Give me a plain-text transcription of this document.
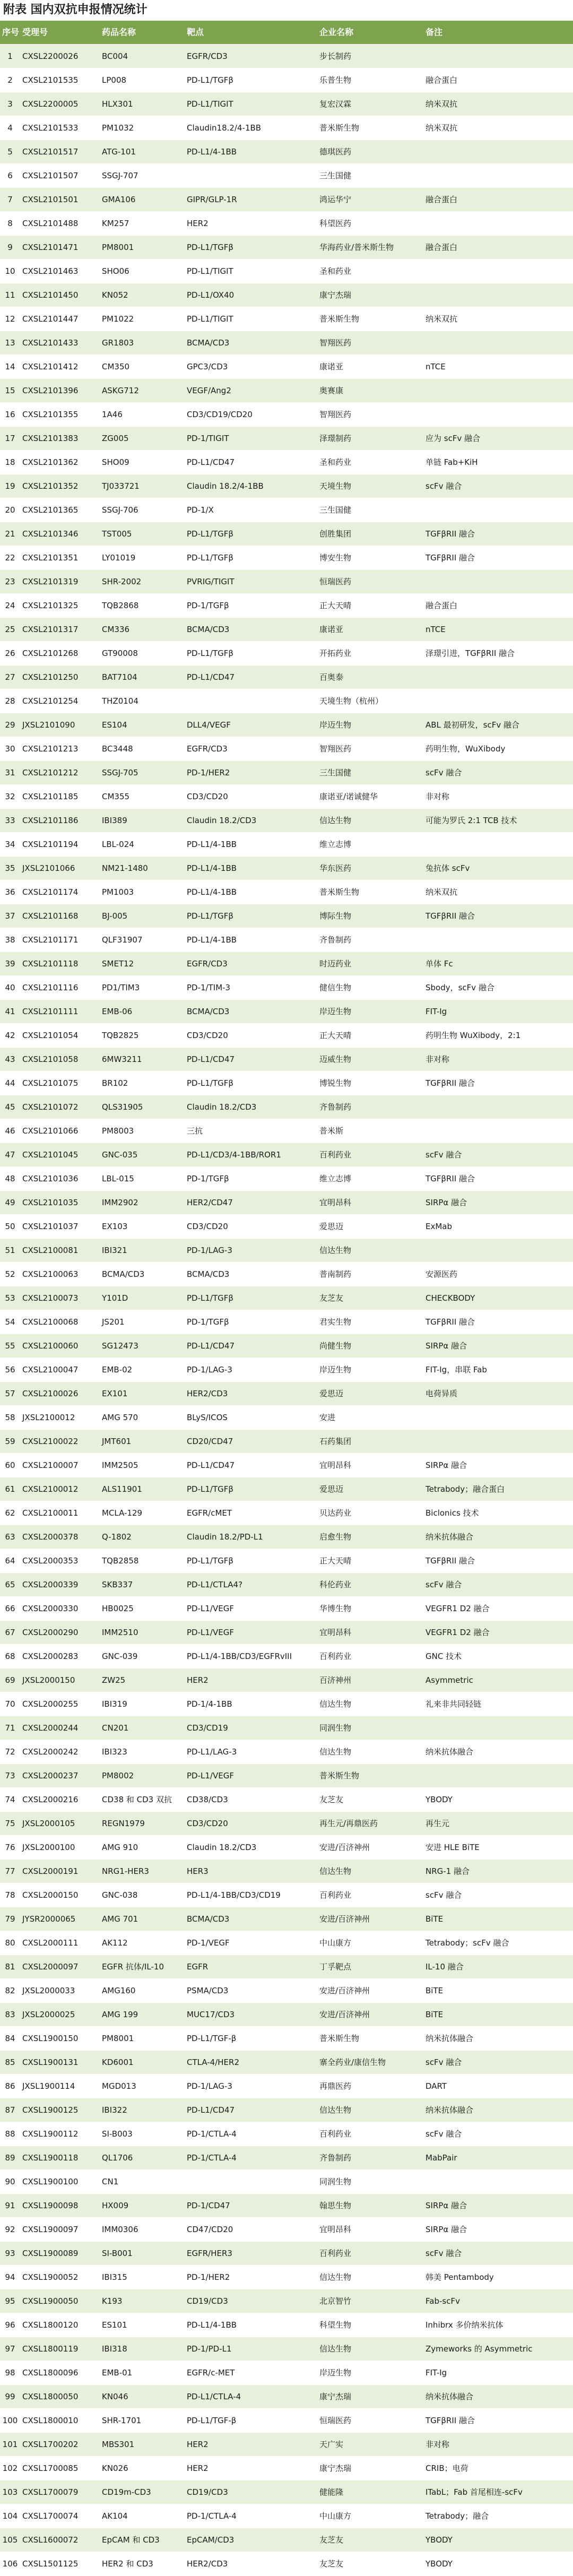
附表 国内双抗申报情况统计
序号	受理号	药品名称	靶点	企业名称	备注
1	CXSL2200026	BC004	EGFR/CD3	步长制药	
2	CXSL2101535	LP008	PD-L1/TGFβ	乐普生物	融合蛋白
3	CXSL2200005	HLX301	PD-L1/TIGIT	复宏汉霖	纳米双抗
4	CXSL2101533	PM1032	Claudin18.2/4-1BB	普米斯生物	纳米双抗
5	CXSL2101517	ATG-101	PD-L1/4-1BB	德琪医药	
6	CXSL2101507	SSGJ-707		三生国健	
7	CXSL2101501	GMA106	GIPR/GLP-1R	鸿运华宁	融合蛋白
8	CXSL2101488	KM257	HER2	科望医药	
9	CXSL2101471	PM8001	PD-L1/TGFβ	华海药业/普米斯生物	融合蛋白
10	CXSL2101463	SHO06	PD-L1/TIGIT	圣和药业	
11	CXSL2101450	KN052	PD-L1/OX40	康宁杰瑞	
12	CXSL2101447	PM1022	PD-L1/TIGIT	普米斯生物	纳米双抗
13	CXSL2101433	GR1803	BCMA/CD3	智翔医药	
14	CXSL2101412	CM350	GPC3/CD3	康诺亚	nTCE
15	CXSL2101396	ASKG712	VEGF/Ang2	奥赛康	
16	CXSL2101355	1A46	CD3/CD19/CD20	智翔医药	
17	CXSL2101383	ZG005	PD-1/TIGIT	泽璟制药	应为 scFv 融合
18	CXSL2101362	SHO09	PD-L1/CD47	圣和药业	单链 Fab+KiH
19	CXSL2101352	TJ033721	Claudin 18.2/4-1BB	天境生物	scFv 融合
20	CXSL2101365	SSGJ-706	PD-1/X	三生国健	
21	CXSL2101346	TST005	PD-L1/TGFβ	创胜集团	TGFβRII 融合
22	CXSL2101351	LY01019	PD-L1/TGFβ	博安生物	TGFβRII 融合
23	CXSL2101319	SHR-2002	PVRIG/TIGIT	恒瑞医药	
24	CXSL2101325	TQB2868	PD-1/TGFβ	正大天晴	融合蛋白
25	CXSL2101317	CM336	BCMA/CD3	康诺亚	nTCE
26	CXSL2101268	GT90008	PD-L1/TGFβ	开拓药业	泽璟引进，TGFβRII 融合
27	CXSL2101250	BAT7104	PD-L1/CD47	百奥泰	
28	CXSL2101254	THZ0104		天境生物（杭州）	
29	JXSL2101090	ES104	DLL4/VEGF	岸迈生物	ABL 最初研发，scFv 融合
30	CXSL2101213	BC3448	EGFR/CD3	智翔医药	药明生物，WuXibody
31	CXSL2101212	SSGJ-705	PD-1/HER2	三生国健	scFv 融合
32	CXSL2101185	CM355	CD3/CD20	康诺亚/诺诚健华	非对称
33	CXSL2101186	IBI389	Claudin 18.2/CD3	信达生物	可能为罗氏 2:1 TCB 技术
34	CXSL2101194	LBL-024	PD-L1/4-1BB	维立志博	
35	JXSL2101066	NM21-1480	PD-L1/4-1BB	华东医药	兔抗体 scFv
36	CXSL2101174	PM1003	PD-L1/4-1BB	普米斯生物	纳米双抗
37	CXSL2101168	BJ-005	PD-L1/TGFβ	博际生物	TGFβRII 融合
38	CXSL2101171	QLF31907	PD-L1/4-1BB	齐鲁制药	
39	CXSL2101118	SMET12	EGFR/CD3	时迈药业	单体 Fc
40	CXSL2101116	PD1/TIM3	PD-1/TIM-3	健信生物	Sbody，scFv 融合
41	CXSL2101111	EMB-06	BCMA/CD3	岸迈生物	FIT-Ig
42	CXSL2101054	TQB2825	CD3/CD20	正大天晴	药明生物 WuXibody，2:1
43	CXSL2101058	6MW3211	PD-L1/CD47	迈威生物	非对称
44	CXSL2101075	BR102	PD-L1/TGFβ	博锐生物	TGFβRII 融合
45	CXSL2101072	QLS31905	Claudin 18.2/CD3	齐鲁制药	
46	CXSL2101066	PM8003	三抗	普米斯	
47	CXSL2101045	GNC-035	PD-L1/CD3/4-1BB/ROR1	百利药业	scFv 融合
48	CXSL2101036	LBL-015	PD-1/TGFβ	维立志博	TGFβRII 融合
49	CXSL2101035	IMM2902	HER2/CD47	宜明昂科	SIRPα 融合
50	CXSL2101037	EX103	CD3/CD20	爱思迈	ExMab
51	CXSL2100081	IBI321	PD-1/LAG-3	信达生物	
52	CXSL2100063	BCMA/CD3	BCMA/CD3	普南制药	安源医药
53	CXSL2100073	Y101D	PD-L1/TGFβ	友芝友	CHECKBODY
54	CXSL2100068	JS201	PD-1/TGFβ	君实生物	TGFβRII 融合
55	CXSL2100060	SG12473	PD-L1/CD47	尚健生物	SIRPα 融合
56	CXSL2100047	EMB-02	PD-1/LAG-3	岸迈生物	FIT-Ig，串联 Fab
57	CXSL2100026	EX101	HER2/CD3	爱思迈	电荷异质
58	JXSL2100012	AMG 570	BLyS/ICOS	安进	
59	CXSL2100022	JMT601	CD20/CD47	石药集团	
60	CXSL2100007	IMM2505	PD-L1/CD47	宜明昂科	SIRPα 融合
61	CXSL2100012	ALS11901	PD-L1/TGFβ	爱思迈	Tetrabody；融合蛋白
62	CXSL2100011	MCLA-129	EGFR/cMET	贝达药业	Biclonics 技术
63	CXSL2000378	Q-1802	Claudin 18.2/PD-L1	启愈生物	纳米抗体融合
64	CXSL2000353	TQB2858	PD-L1/TGFβ	正大天晴	TGFβRII 融合
65	CXSL2000339	SKB337	PD-L1/CTLA4?	科伦药业	scFv 融合
66	CXSL2000330	HB0025	PD-L1/VEGF	华博生物	VEGFR1 D2 融合
67	CXSL2000290	IMM2510	PD-L1/VEGF	宜明昂科	VEGFR1 D2 融合
68	CXSL2000283	GNC-039	PD-L1/4-1BB/CD3/EGFRvIII	百利药业	GNC 技术
69	JXSL2000150	ZW25	HER2	百济神州	Asymmetric
70	CXSL2000255	IBI319	PD-1/4-1BB	信达生物	礼来非共同轻链
71	CXSL2000244	CN201	CD3/CD19	同润生物	
72	CXSL2000242	IBI323	PD-L1/LAG-3	信达生物	纳米抗体融合
73	CXSL2000237	PM8002	PD-L1/VEGF	普米斯生物	
74	CXSL2000216	CD38 和 CD3 双抗	CD38/CD3	友芝友	YBODY
75	JXSL2000105	REGN1979	CD3/CD20	再生元/再鼎医药	再生元
76	JXSL2000100	AMG 910	Claudin 18.2/CD3	安进/百济神州	安进 HLE BiTE
77	CXSL2000191	NRG1-HER3	HER3	信达生物	NRG-1 融合
78	CXSL2000150	GNC-038	PD-L1/4-1BB/CD3/CD19	百利药业	scFv 融合
79	JYSR2000065	AMG 701	BCMA/CD3	安进/百济神州	BiTE
80	CXSL2000111	AK112	PD-1/VEGF	中山康方	Tetrabody；scFv 融合
81	CXSL2000097	EGFR 抗体/IL-10	EGFR	丁孚靶点	IL-10 融合
82	JXSL2000033	AMG160	PSMA/CD3	安进/百济神州	BiTE
83	JXSL2000025	AMG 199	MUC17/CD3	安进/百济神州	BiTE
84	CXSL1900150	PM8001	PD-L1/TGF-β	普米斯生物	纳米抗体融合
85	CXSL1900131	KD6001	CTLA-4/HER2	寨全药业/康信生物	scFv 融合
86	JXSL1900114	MGD013	PD-1/LAG-3	再鼎医药	DART
87	CXSL1900125	IBI322	PD-L1/CD47	信达生物	纳米抗体融合
88	CXSL1900112	SI-B003	PD-1/CTLA-4	百利药业	scFv 融合
89	CXSL1900118	QL1706	PD-1/CTLA-4	齐鲁制药	MabPair
90	CXSL1900100	CN1		同润生物	
91	CXSL1900098	HX009	PD-1/CD47	翰思生物	SIRPα 融合
92	CXSL1900097	IMM0306	CD47/CD20	宜明昂科	SIRPα 融合
93	CXSL1900089	SI-B001	EGFR/HER3	百利药业	scFv 融合
94	CXSL1900052	IBI315	PD-1/HER2	信达生物	韩美 Pentambody
95	CXSL1900050	K193	CD19/CD3	北京智竹	Fab-scFv
96	CXSL1800120	ES101	PD-L1/4-1BB	科望生物	Inhibrx 多价纳米抗体
97	CXSL1800119	IBI318	PD-1/PD-L1	信达生物	Zymeworks 的 Asymmetric
98	CXSL1800096	EMB-01	EGFR/c-MET	岸迈生物	FIT-Ig
99	CXSL1800050	KN046	PD-L1/CTLA-4	康宁杰瑞	纳米抗体融合
100	CXSL1800010	SHR-1701	PD-L1/TGF-β	恒瑞医药	TGFβRII 融合
101	CXSL1700202	MBS301	HER2	天广实	非对称
102	CXSL1700085	KN026	HER2	康宁杰瑞	CRIB；电荷
103	CXSL1700079	CD19m-CD3	CD19/CD3	健能隆	ITabL；Fab 首尾相连-scFv
104	CXSL1700074	AK104	PD-1/CTLA-4	中山康方	Tetrabody；融合
105	CXSL1600072	EpCAM 和 CD3	EpCAM/CD3	友芝友	YBODY
106	CXSL1501125	HER2 和 CD3	HER2/CD3	友芝友	YBODY
